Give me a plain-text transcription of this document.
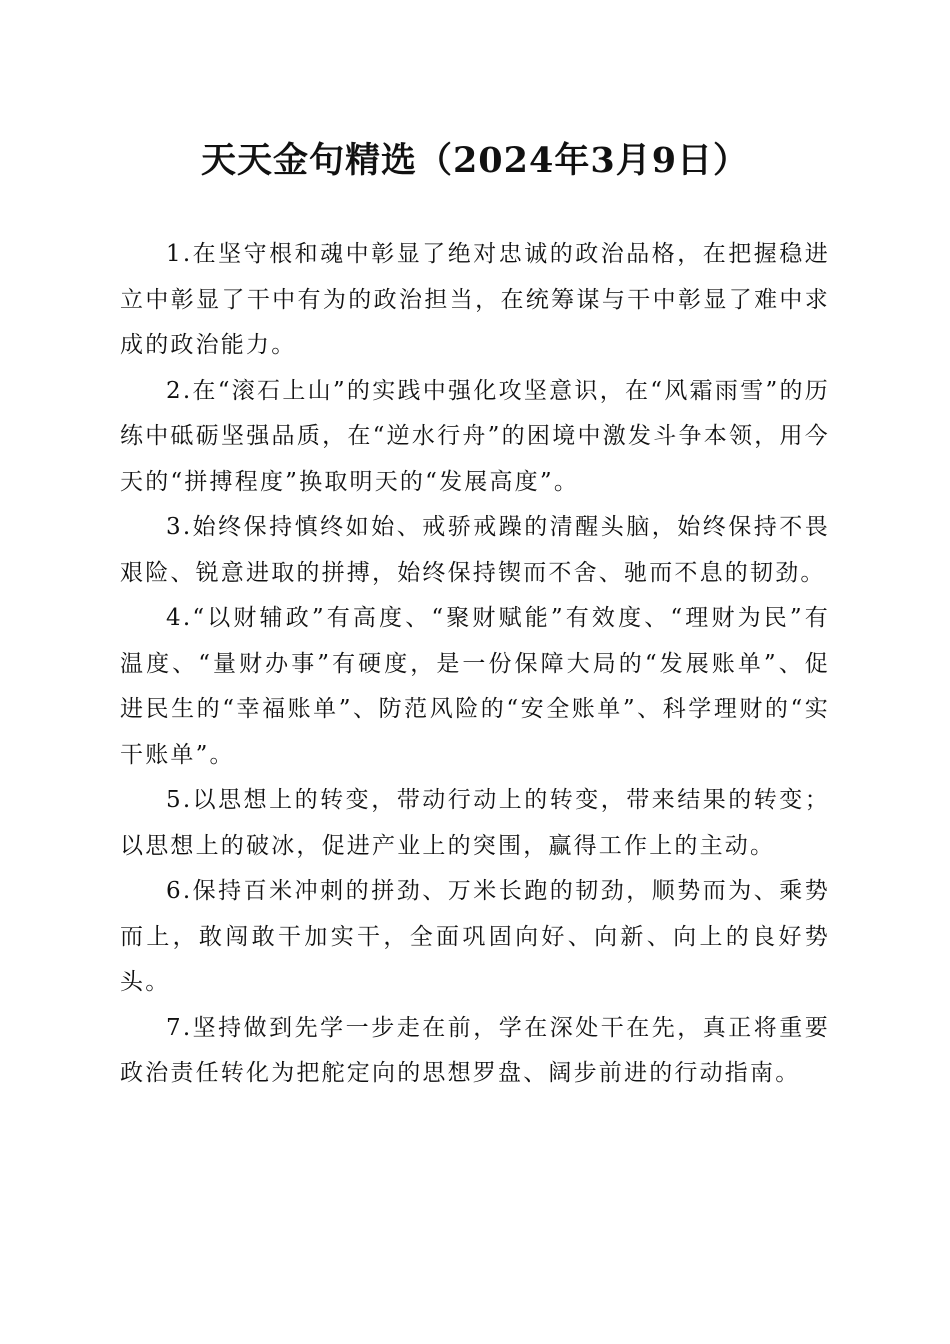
天天金句精选（2024年3月9日）

1.在坚守根和魂中彰显了绝对忠诚的政治品格，在把握稳进立中彰显了干中有为的政治担当，在统筹谋与干中彰显了难中求成的政治能力。

2.在“滚石上山”的实践中强化攻坚意识，在“风霜雨雪”的历练中砥砺坚强品质，在“逆水行舟”的困境中激发斗争本领，用今天的“拼搏程度”换取明天的“发展高度”。

3.始终保持慎终如始、戒骄戒躁的清醒头脑，始终保持不畏艰险、锐意进取的拼搏，始终保持锲而不舍、驰而不息的韧劲。

4.“以财辅政”有高度、“聚财赋能”有效度、“理财为民”有温度、“量财办事”有硬度，是一份保障大局的“发展账单”、促进民生的“幸福账单”、防范风险的“安全账单”、科学理财的“实干账单”。

5.以思想上的转变，带动行动上的转变，带来结果的转变；以思想上的破冰，促进产业上的突围，赢得工作上的主动。

6.保持百米冲刺的拼劲、万米长跑的韧劲，顺势而为、乘势而上，敢闯敢干加实干，全面巩固向好、向新、向上的良好势头。

7.坚持做到先学一步走在前，学在深处干在先，真正将重要政治责任转化为把舵定向的思想罗盘、阔步前进的行动指南。
